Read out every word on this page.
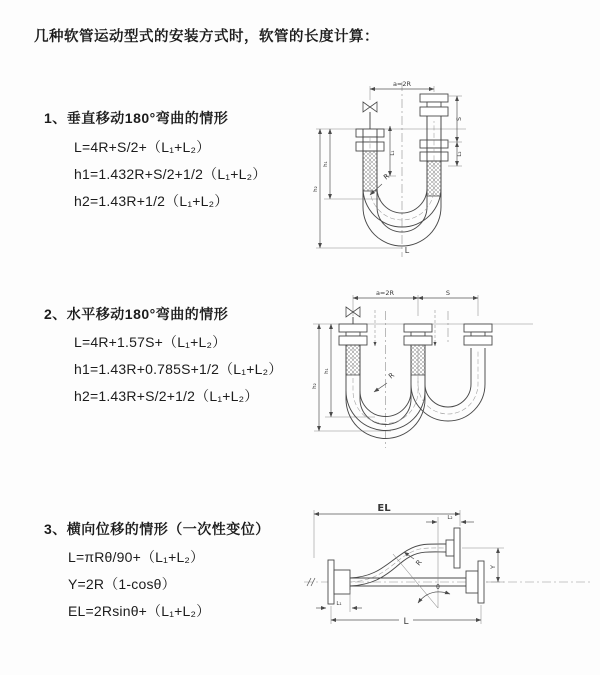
几种软管运动型式的安装方式时，软管的长度计算：
1、垂直移动180°弯曲的情形
L=4R+S/2+（L₁+L₂）
h1=1.432R+S/2+1/2（L₁+L₂）
h2=1.43R+1/2（L₁+L₂）
a=2R
L₁
S
L₂
h₁
h₂
R
L
2、水平移动180°弯曲的情形
L=4R+1.57S+（L₁+L₂）
h1=1.43R+0.785S+1/2（L₁+L₂）
h2=1.43R+S/2+1/2（L₁+L₂）
a=2R	S
h₁
h₂
R
3、横向位移的情形（一次性变位）
L=πRθ/90+（L₁+L₂）
Y=2R（1-cosθ）
EL=2Rsinθ+（L₁+L₂）
EL
L₂
θ
R	Y
L
L₁
